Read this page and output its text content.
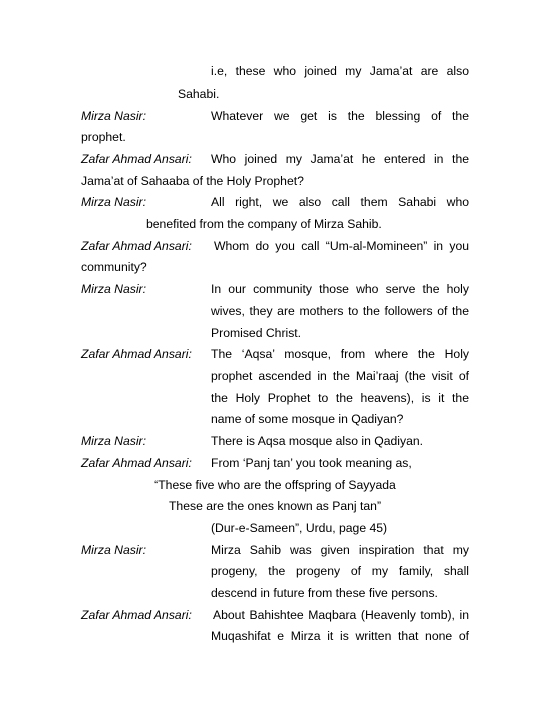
i.e, these who joined my Jama’at are also
Sahabi.
Mirza Nasir:	Whatever we get is the blessing of the
prophet.
Zafar Ahmad Ansari: Who joined my Jama’at he entered in the
Jama’at of Sahaaba of the Holy Prophet?
Mirza Nasir:	All right, we also call them Sahabi who
benefited from the company of Mirza Sahib.
Zafar Ahmad Ansari: Whom do you call “Um-al-Momineen” in you
community?
Mirza Nasir:	In our community those who serve the holy
wives, they are mothers to the followers of the
Promised Christ.
Zafar Ahmad Ansari: The ‘Aqsa’ mosque, from where the Holy
prophet ascended in the Mai’raaj (the visit of
the Holy Prophet to the heavens), is it the
name of some mosque in Qadiyan?
Mirza Nasir:	There is Aqsa mosque also in Qadiyan.
Zafar Ahmad Ansari: From ‘Panj tan’ you took meaning as,
“These five who are the offspring of Sayyada
These are the ones known as Panj tan”
(Dur-e-Sameen”, Urdu, page 45)
Mirza Nasir:	Mirza Sahib was given inspiration that my
progeny, the progeny of my family, shall
descend in future from these five persons.
Zafar Ahmad Ansari: About Bahishtee Maqbara (Heavenly tomb), in
Muqashifat e Mirza it is written that none of
